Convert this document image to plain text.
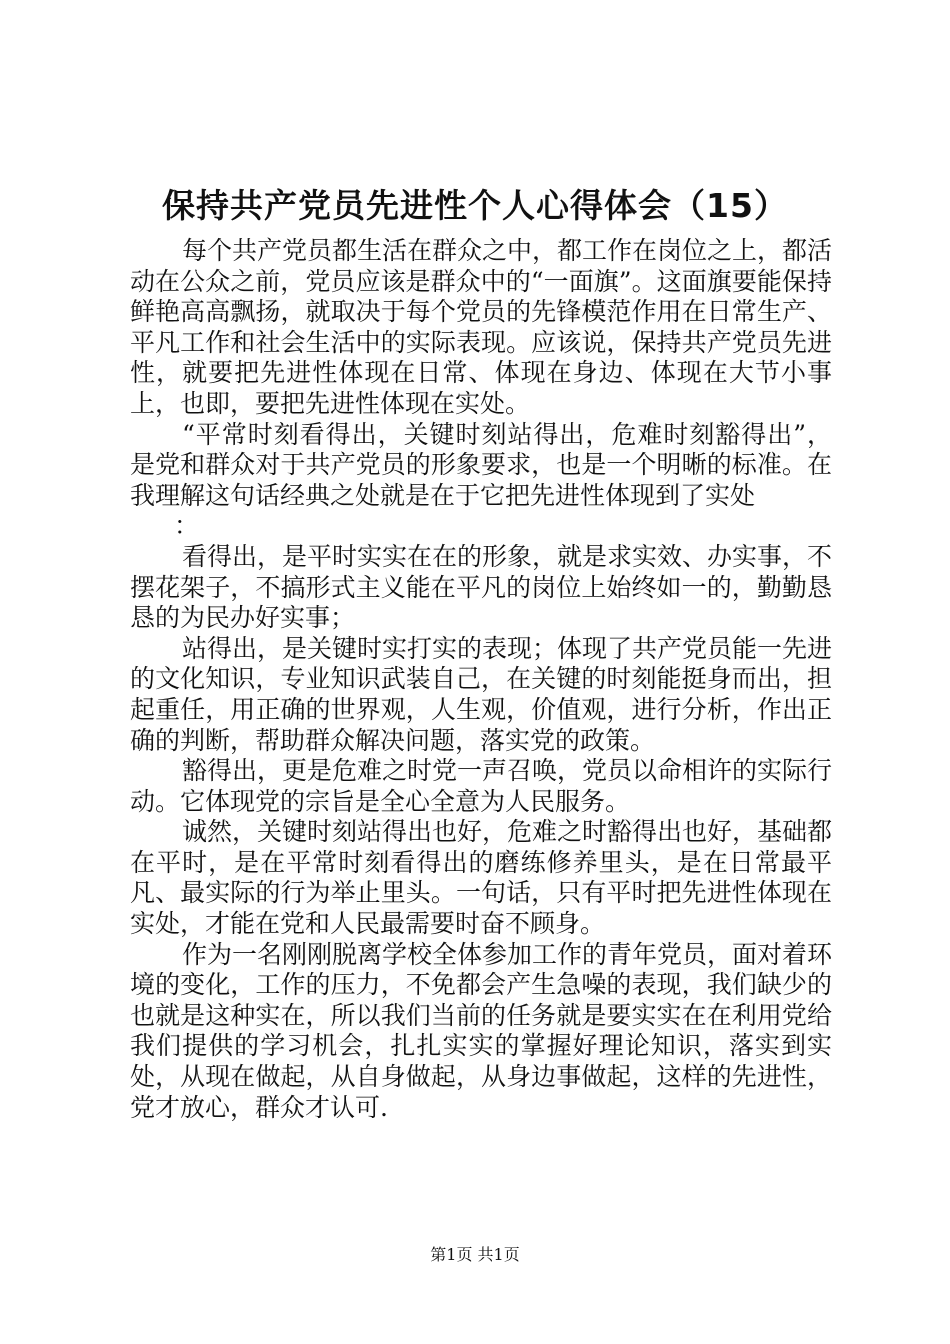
保持共产党员先进性个人心得体会（15）

每个共产党员都生活在群众之中，都工作在岗位之上，都活动在公众之前，党员应该是群众中的“一面旗”。这面旗要能保持鲜艳高高飘扬，就取决于每个党员的先锋模范作用在日常生产、平凡工作和社会生活中的实际表现。应该说，保持共产党员先进性，就要把先进性体现在日常、体现在身边、体现在大节小事上，也即，要把先进性体现在实处。

“平常时刻看得出，关键时刻站得出，危难时刻豁得出”，是党和群众对于共产党员的形象要求，也是一个明晰的标准。在我理解这句话经典之处就是在于它把先进性体现到了实处

：

看得出，是平时实实在在的形象，就是求实效、办实事，不摆花架子，不搞形式主义能在平凡的岗位上始终如一的，勤勤恳恳的为民办好实事；

站得出，是关键时实打实的表现；体现了共产党员能一先进的文化知识，专业知识武装自己，在关键的时刻能挺身而出，担起重任，用正确的世界观，人生观，价值观，进行分析，作出正确的判断，帮助群众解决问题，落实党的政策。

豁得出，更是危难之时党一声召唤，党员以命相许的实际行动。它体现党的宗旨是全心全意为人民服务。

诚然，关键时刻站得出也好，危难之时豁得出也好，基础都在平时，是在平常时刻看得出的磨练修养里头，是在日常最平凡、最实际的行为举止里头。一句话，只有平时把先进性体现在实处，才能在党和人民最需要时奋不顾身。

作为一名刚刚脱离学校全体参加工作的青年党员，面对着环境的变化，工作的压力，不免都会产生急噪的表现，我们缺少的也就是这种实在，所以我们当前的任务就是要实实在在利用党给我们提供的学习机会，扎扎实实的掌握好理论知识，落实到实处，从现在做起，从自身做起，从身边事做起，这样的先进性，党才放心，群众才认可.

第1页 共1页
